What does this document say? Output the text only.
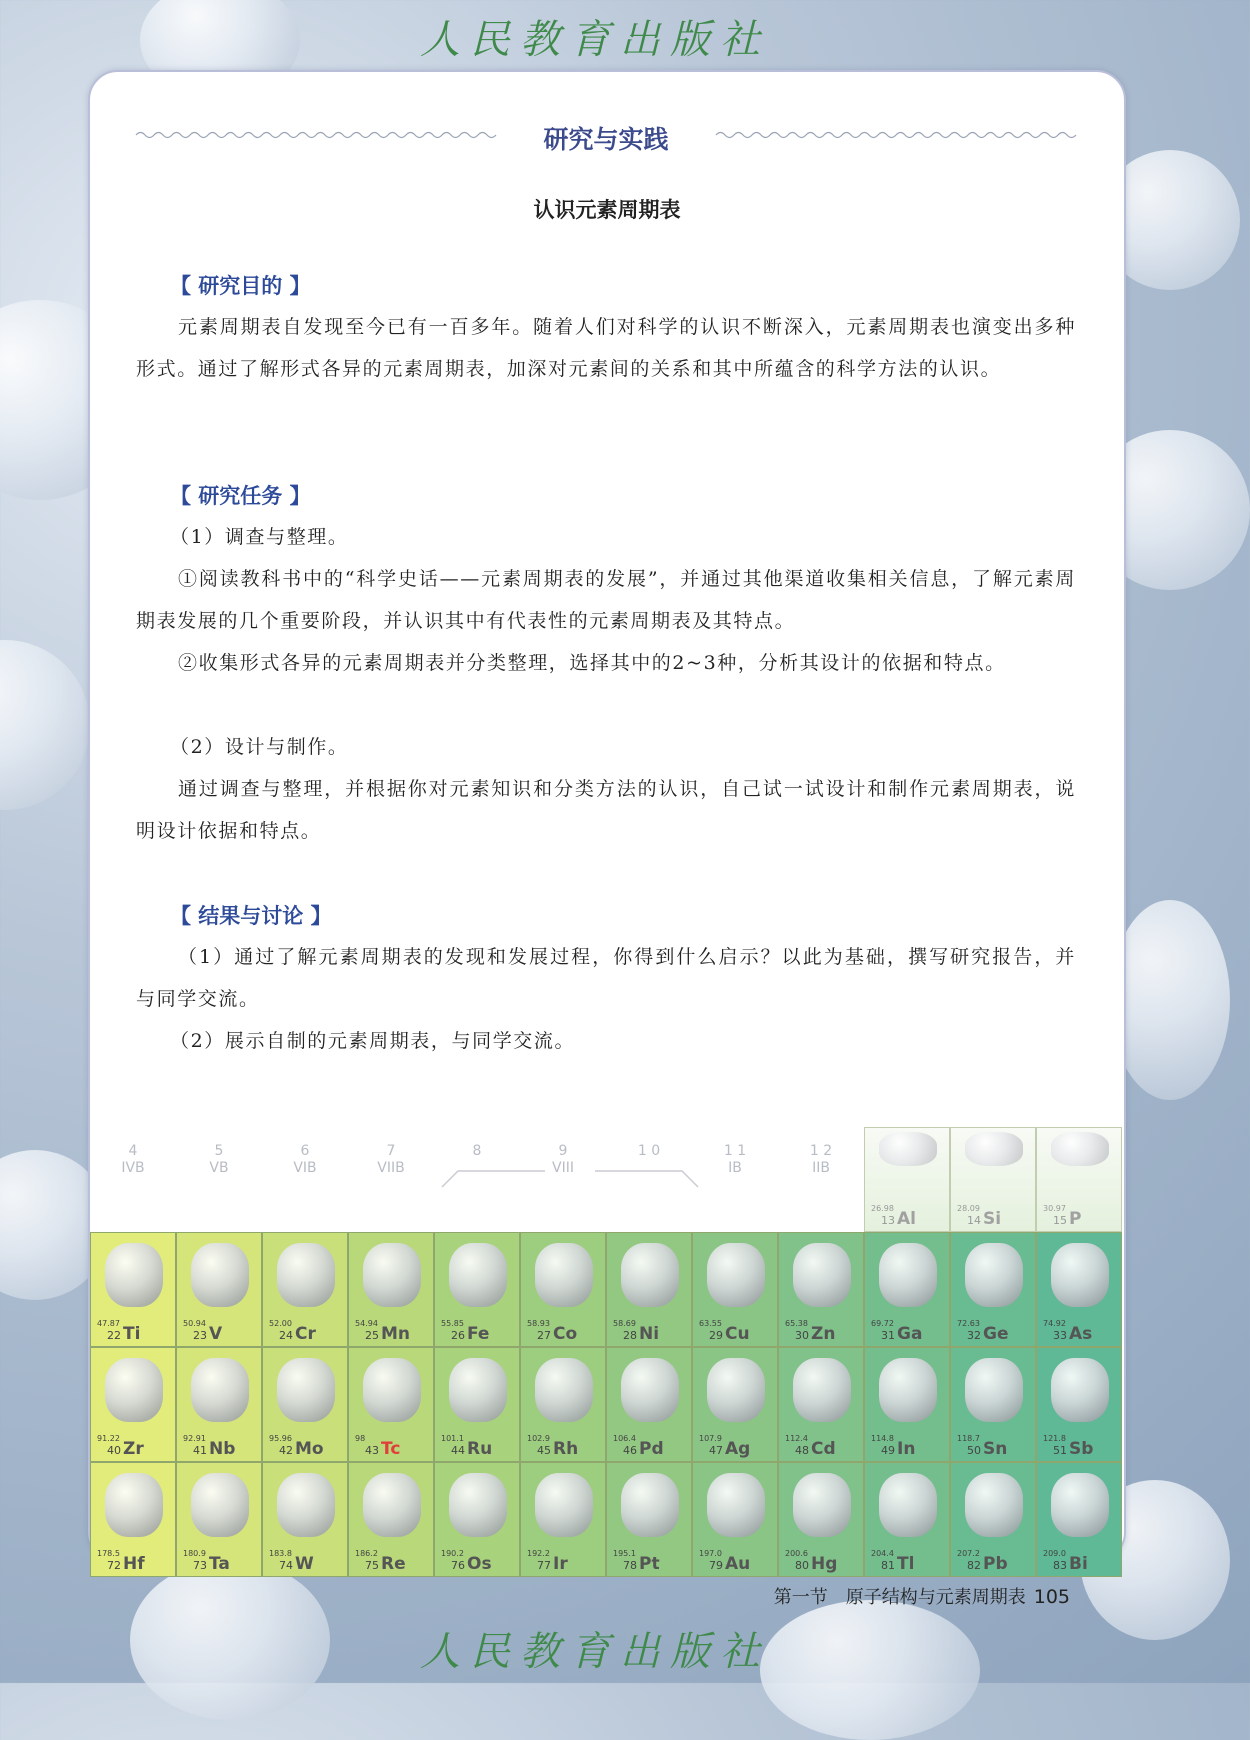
人民教育出版社
研究与实践
认识元素周期表
【 研究目的 】
元素周期表自发现至今已有一百多年。随着人们对科学的认识不断深入，元素周期表也演变出多种形式。通过了解形式各异的元素周期表，加深对元素间的关系和其中所蕴含的科学方法的认识。
【 研究任务 】
（1）调查与整理。
①阅读教科书中的“科学史话——元素周期表的发展”，并通过其他渠道收集相关信息，了解元素周期表发展的几个重要阶段，并认识其中有代表性的元素周期表及其特点。
②收集形式各异的元素周期表并分类整理，选择其中的2~3种，分析其设计的依据和特点。
（2）设计与制作。
通过调查与整理，并根据你对元素知识和分类方法的认识，自己试一试设计和制作元素周期表，说明设计依据和特点。
【 结果与讨论 】
（1）通过了解元素周期表的发现和发展过程，你得到什么启示？以此为基础，撰写研究报告，并与同学交流。
（2）展示自制的元素周期表，与同学交流。
4
IVB
5
VB
6
VIB
7
VIIB
8	9
VIII
1 0	1 1
IB
1 2
IIB
26.98
13 Al
28.09
14 Si
30.97
15 P
47.87
22 Ti
50.94
23 V
52.00
24 Cr
54.94
25 Mn
55.85
26 Fe
58.93
27 Co
58.69
28 Ni
63.55
29 Cu
65.38
30 Zn
69.72
31 Ga
72.63
32 Ge
74.92
33 As
91.22
40 Zr
92.91
41 Nb
95.96
42 Mo
98
43 Tc
101.1
44 Ru
102.9
45 Rh
106.4
46 Pd
107.9
47 Ag
112.4
48 Cd
114.8
49 In
118.7
50 Sn
121.8
51 Sb
178.5
72 Hf
180.9
73 Ta
183.8
74 W
186.2
75 Re
190.2
76 Os
192.2
77 Ir
195.1
78 Pt
197.0
79 Au
200.6
80 Hg
204.4
81 Tl
207.2
82 Pb
209.0
83 Bi
人民教育出版社
第一节　原子结构与元素周期表 105
